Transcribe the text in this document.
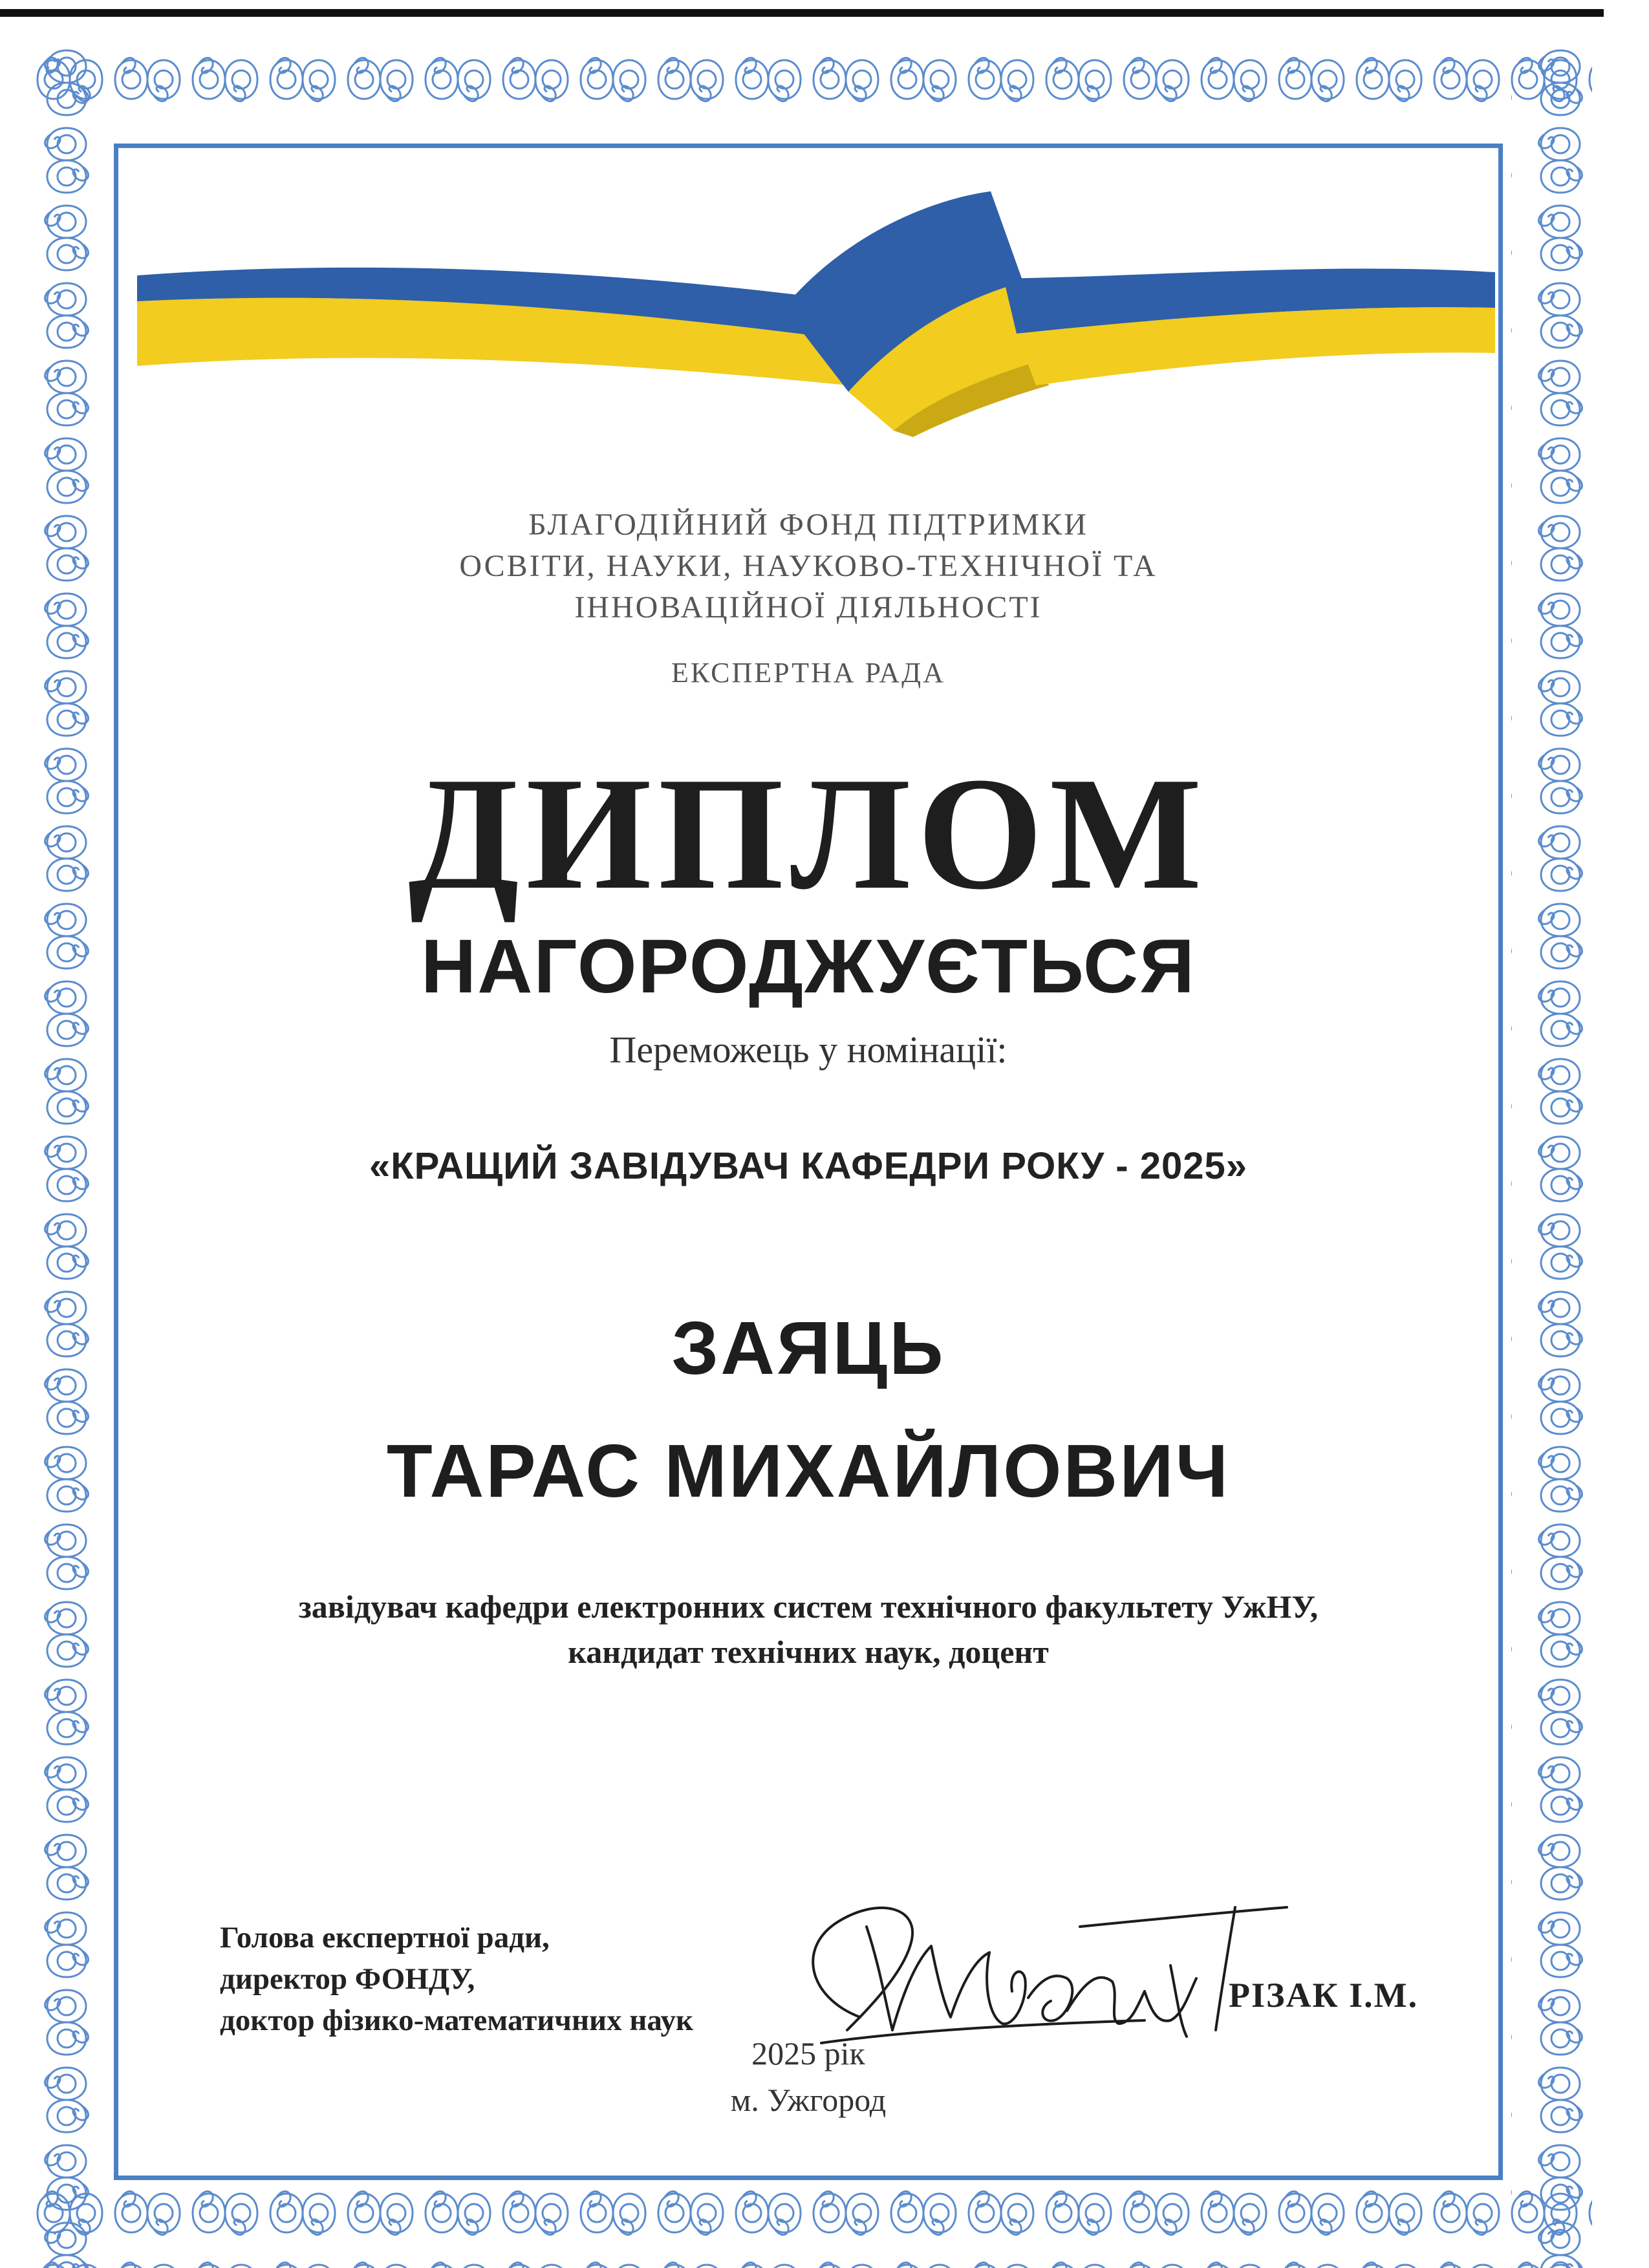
БЛАГОДІЙНИЙ ФОНД ПІДТРИМКИ
ОСВІТИ, НАУКИ, НАУКОВО-ТЕХНІЧНОЇ ТА
ІННОВАЦІЙНОЇ ДІЯЛЬНОСТІ
ЕКСПЕРТНА РАДА
ДИПЛОМ
НАГОРОДЖУЄТЬСЯ
Переможець у номінації:
«КРАЩИЙ ЗАВІДУВАЧ КАФЕДРИ РОКУ - 2025»
ЗАЯЦЬ
ТАРАС МИХАЙЛОВИЧ
завідувач кафедри електронних систем технічного факультету УжНУ,
кандидат технічних наук, доцент
Голова експертної ради,
директор ФОНДУ,
доктор фізико-математичних наук
РІЗАК І.М.
2025 рік
м. Ужгород
